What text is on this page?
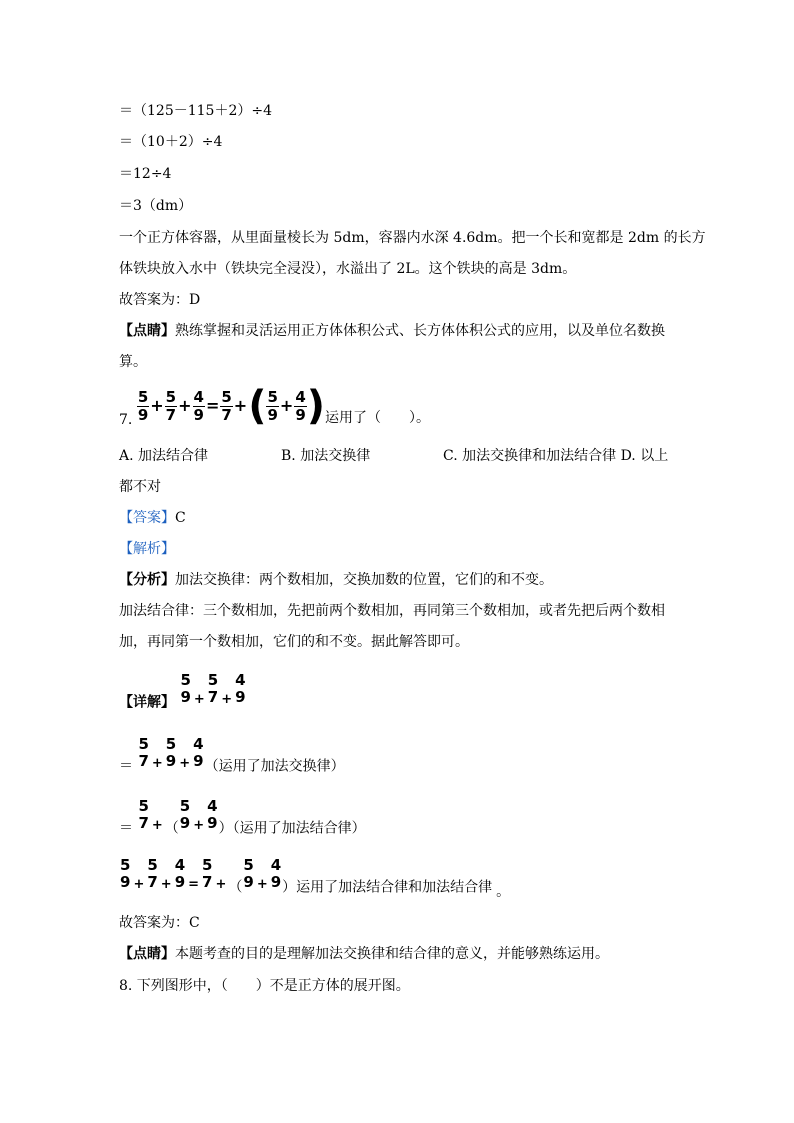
＝（125－115＋2）÷4
＝（10＋2）÷4
＝12÷4
＝3（dm）
一个正方体容器，从里面量棱长为 5dm，容器内水深 4.6dm。把一个长和宽都是 2dm 的长方
体铁块放入水中（铁块完全浸没），水溢出了 2L。这个铁块的高是 3dm。
故答案为：D
【点睛】熟练掌握和灵活运用正方体体积公式、长方体体积公式的应用，以及单位名数换
算。
7. $\frac{5}{9} + \frac{5}{7} + \frac{4}{9} = \frac{5}{7}$ +( $\frac{5}{9} + \frac{4}{9}$ )运用了（　　）。
A. 加法结合律	B. 加法交换律	C. 加法交换律和加法结合律 D. 以上
都不对
【答案】C
【解析】
【分析】加法交换律：两个数相加，交换加数的位置，它们的和不变。
加法结合律：三个数相加，先把前两个数相加，再同第三个数相加，或者先把后两个数相
加，再同第一个数相加，它们的和不变。据此解答即可。
【详解】
5
9 +
5
7 +
4
9
＝
5
7 +
5
9 +
4
9 （运用了加法交换律）
＝
5
7 + （
5
9 +
4
9 ）（运用了加法结合律）
5
9 +
5
7 +
4
9 =
5
7 + （
5
9 +
4
9 ）运用了加法结合律和加法结合律 。
故答案为：C
【点睛】本题考查的目的是理解加法交换律和结合律的意义，并能够熟练运用。
8. 下列图形中，（　　）不是正方体的展开图。
